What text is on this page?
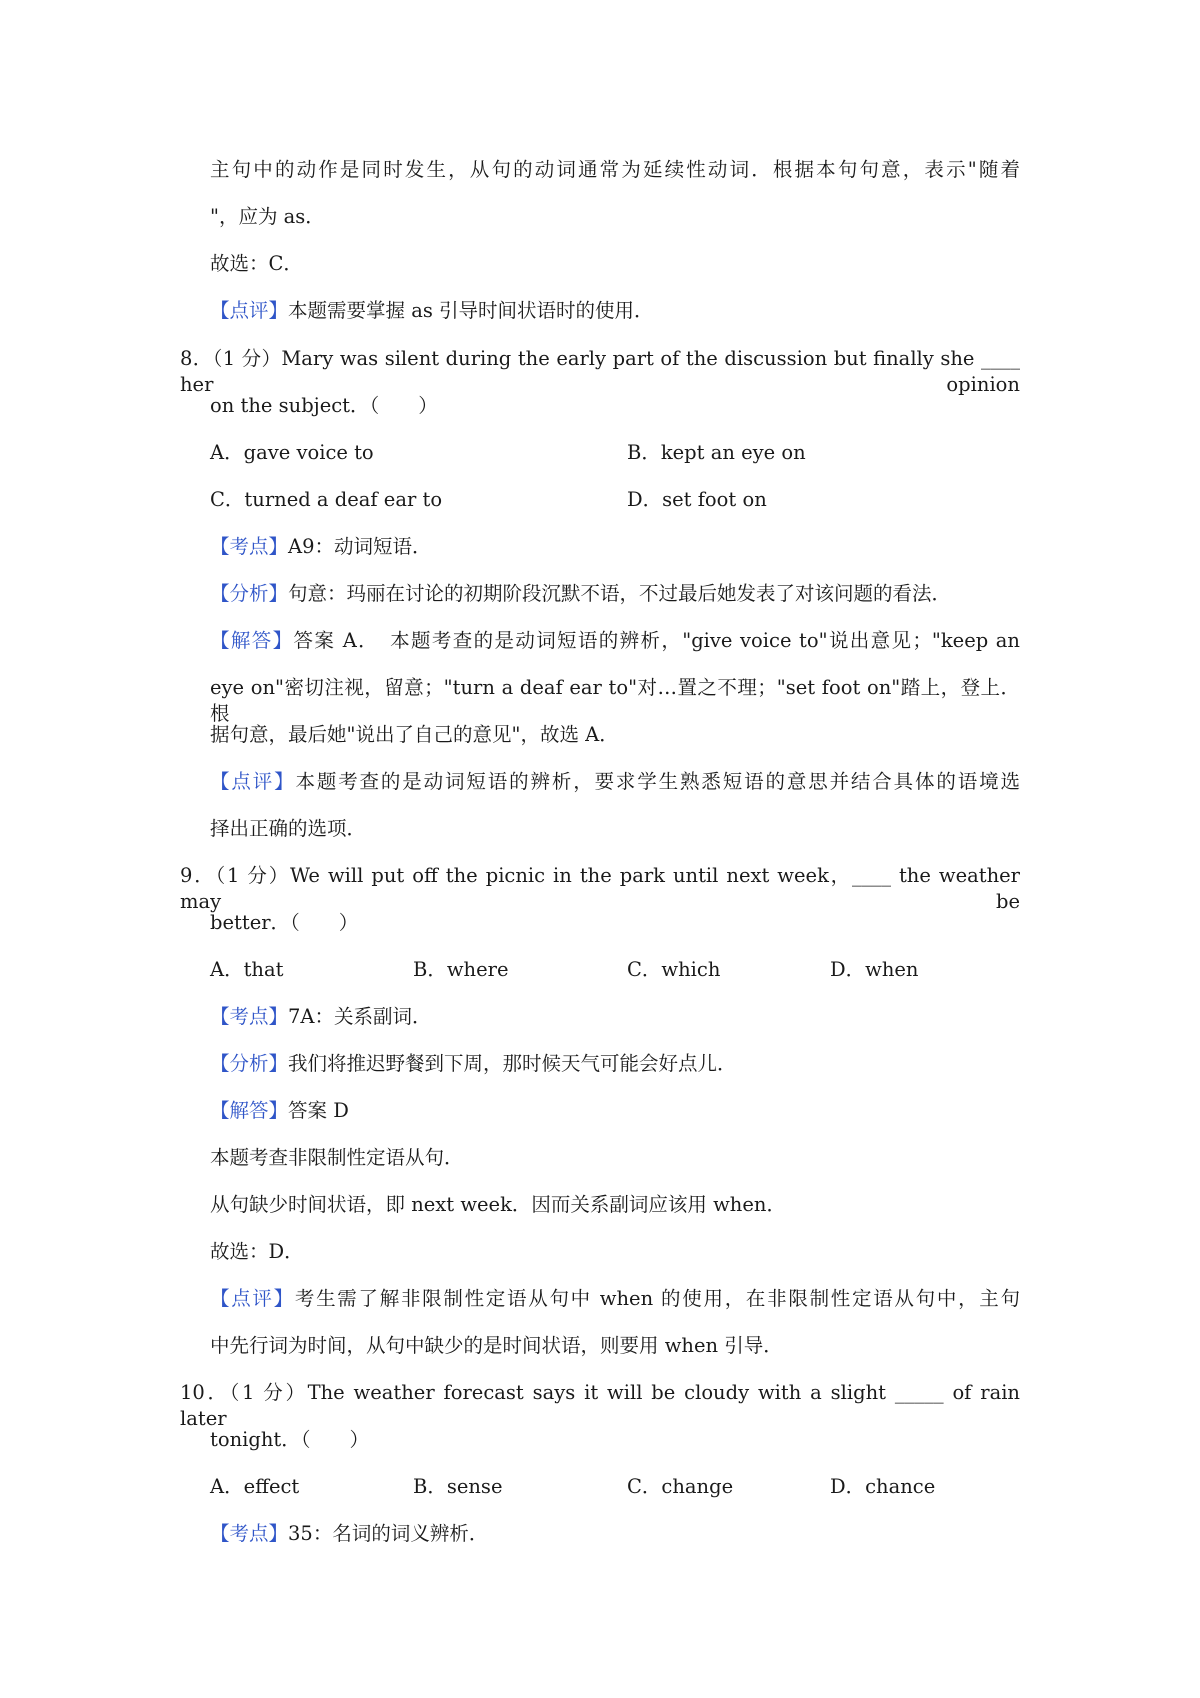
主句中的动作是同时发生，从句的动词通常为延续性动词．根据本句句意，表示"随着
"，应为 as．
故选：C．
【点评】本题需要掌握 as 引导时间状语时的使用．
8．（1 分）Mary was silent during the early part of the discussion but finally she ____ her opinion
on the subject．（　　）
A．gave voice to	B．kept an eye on
C．turned a deaf ear to	D．set foot on
【考点】A9：动词短语．
【分析】句意：玛丽在讨论的初期阶段沉默不语，不过最后她发表了对该问题的看法．
【解答】答案 A．　本题考查的是动词短语的辨析，"give voice to"说出意见；"keep an
eye on"密切注视，留意；"turn a deaf ear to"对…置之不理；"set foot on"踏上，登上．根
据句意，最后她"说出了自己的意见"，故选 A．
【点评】本题考查的是动词短语的辨析，要求学生熟悉短语的意思并结合具体的语境选
择出正确的选项．
9．（1 分）We will put off the picnic in the park until next week，____ the weather may be
better．（　　）
A．that	B．where	C．which	D．when
【考点】7A：关系副词．
【分析】我们将推迟野餐到下周，那时候天气可能会好点儿．
【解答】答案 D
本题考查非限制性定语从句．
从句缺少时间状语，即 next week．因而关系副词应该用 when．
故选：D．
【点评】考生需了解非限制性定语从句中 when 的使用，在非限制性定语从句中，主句
中先行词为时间，从句中缺少的是时间状语，则要用 when 引导．
10．（1 分）The weather forecast says it will be cloudy with a slight _____ of rain later
tonight．（　　）
A．effect	B．sense	C．change	D．chance
【考点】35：名词的词义辨析．
